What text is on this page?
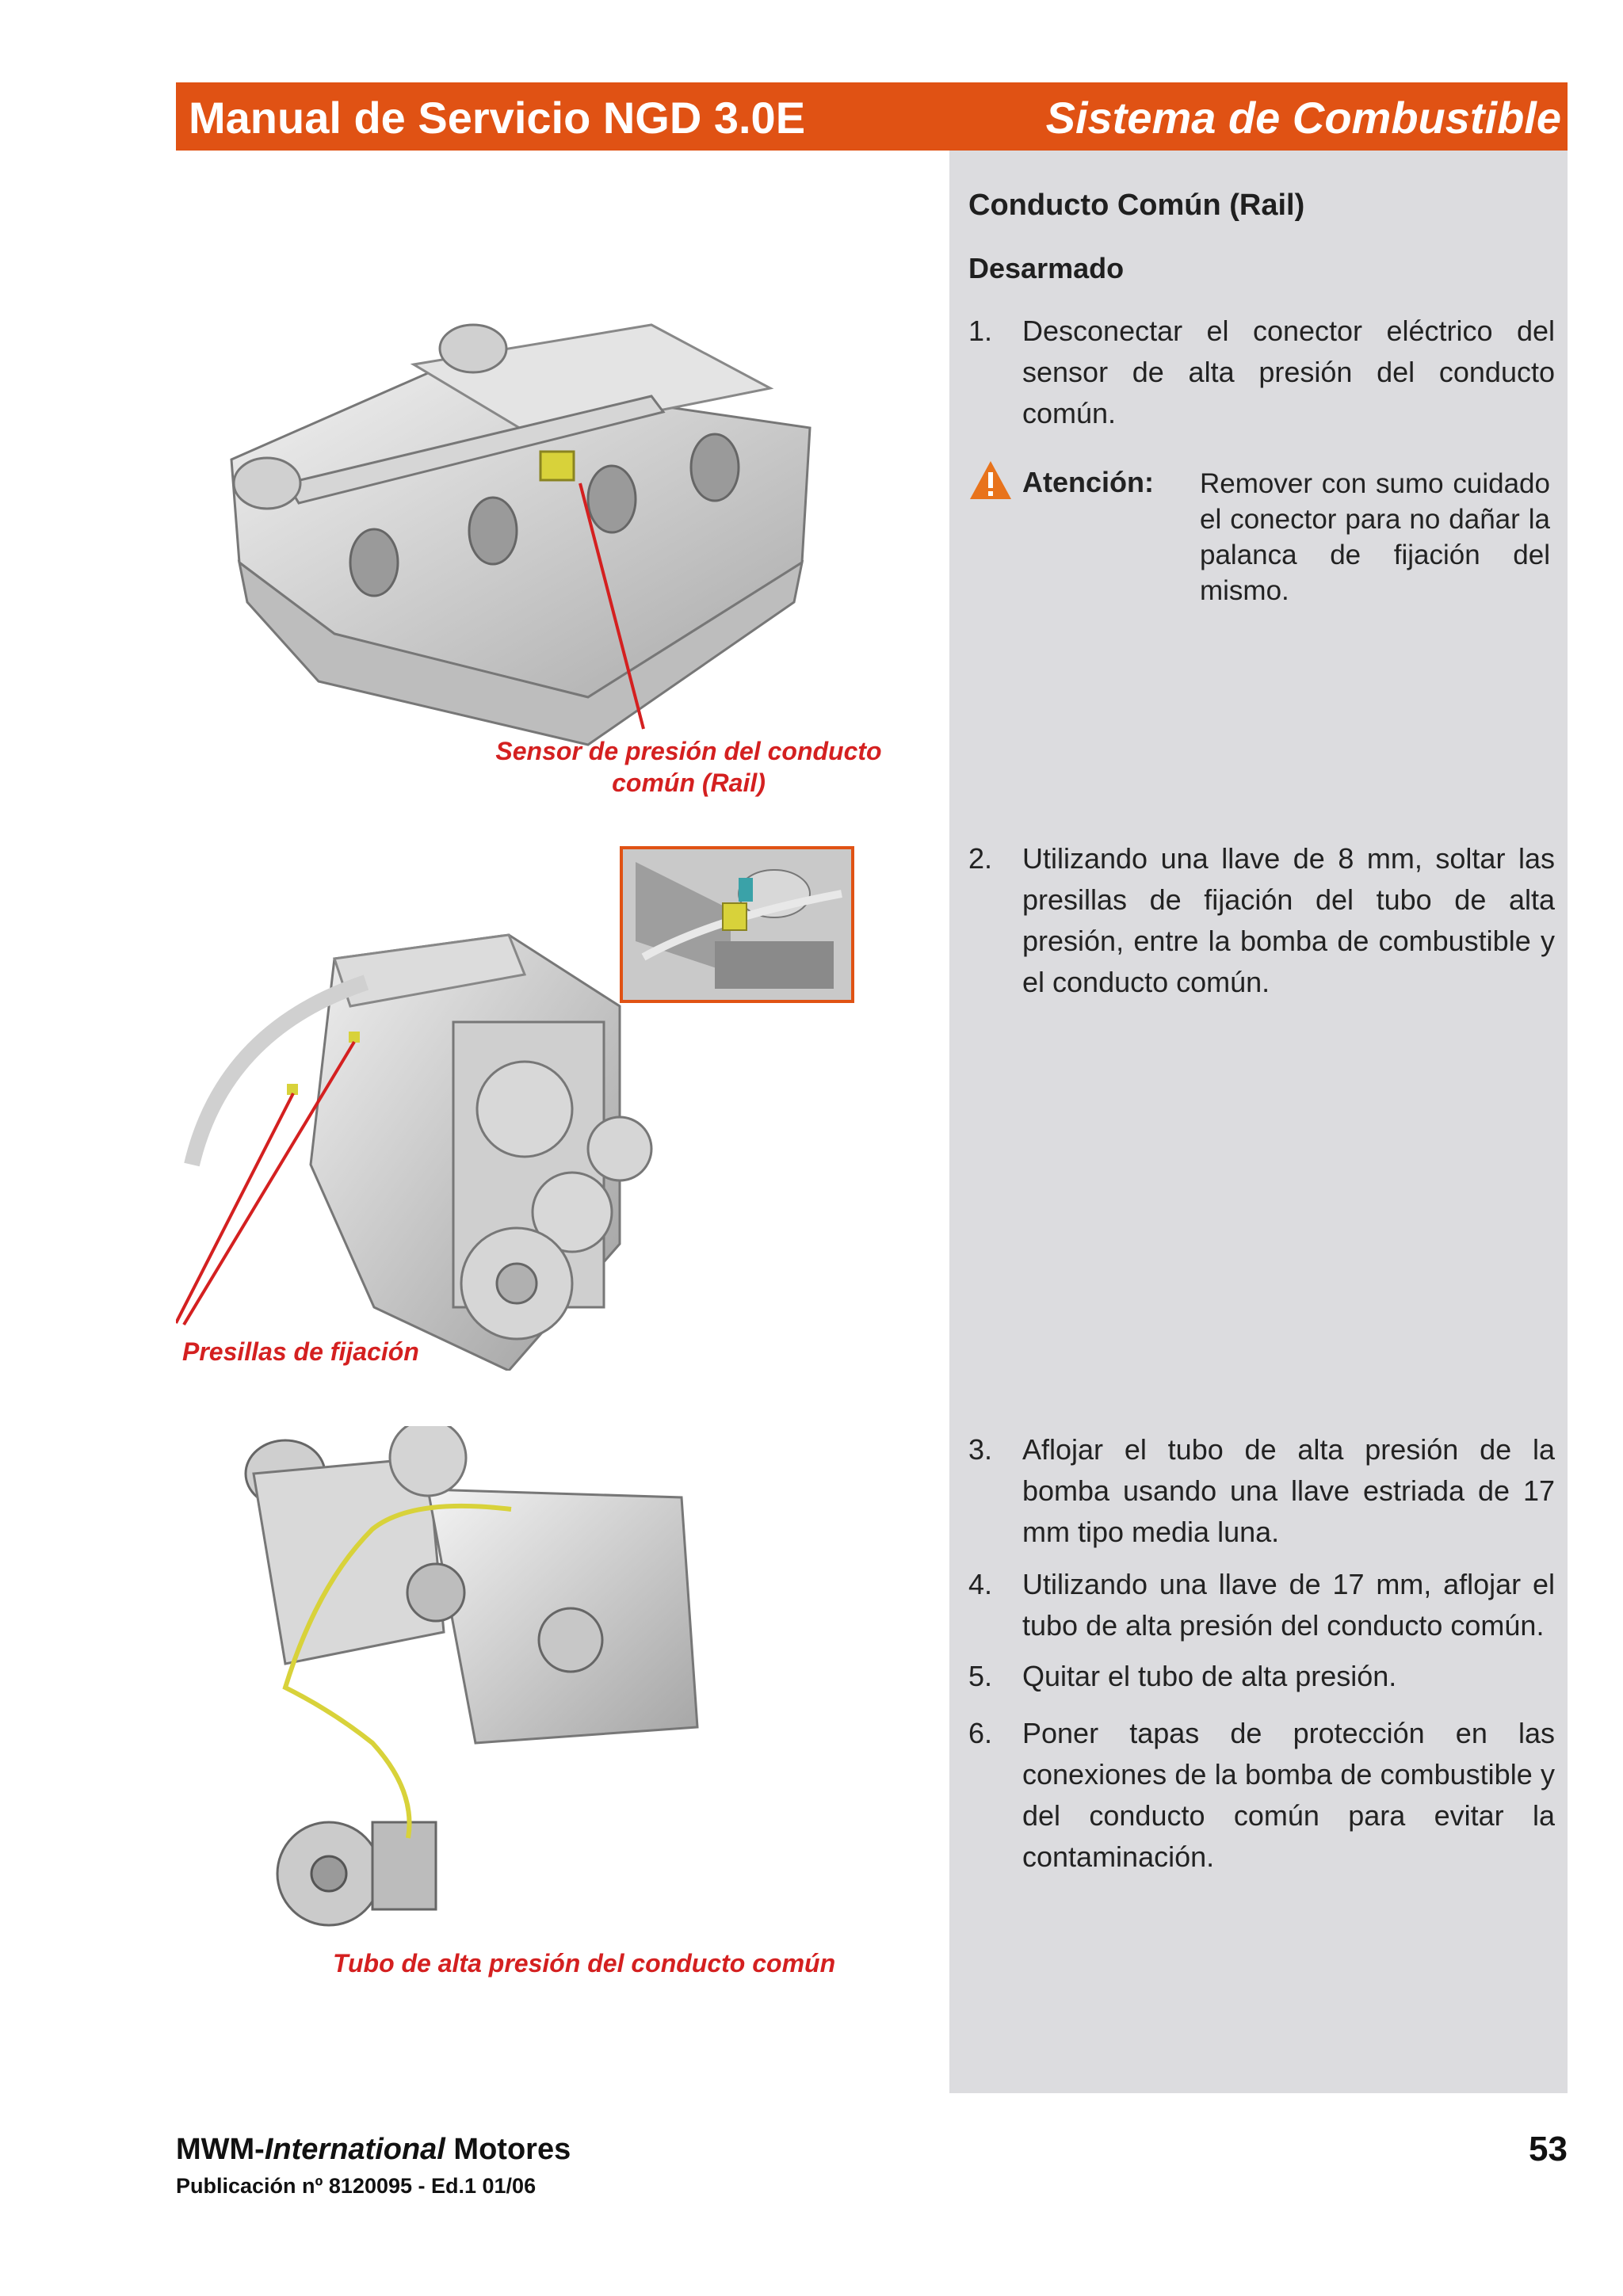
Manual de Servicio NGD 3.0E	Sistema de Combustible
Conducto Común (Rail)
Desarmado
1. Desconectar el conector eléctrico del sensor de alta presión del conducto común.
Atención: Remover con sumo cuidado el conector para no dañar la palanca de fijación del mismo.
2. Utilizando una llave de 8 mm, soltar las presillas de fijación del tubo de alta presión, entre la bomba de combustible y el conducto común.
3. Aflojar el tubo de alta presión de la bomba usando una llave estriada de 17 mm tipo media luna.
4. Utilizando una llave de 17 mm, aflojar el tubo de alta presión del conducto común.
5. Quitar el tubo de alta presión.
6. Poner tapas de protección en las conexiones de la bomba de combustible y del conducto común para evitar la contaminación.
Sensor de presión del conducto
común (Rail)
Presillas de fijación
Tubo de alta presión del conducto común
MWM-International Motores
Publicación nº 8120095 - Ed.1 01/06
53
